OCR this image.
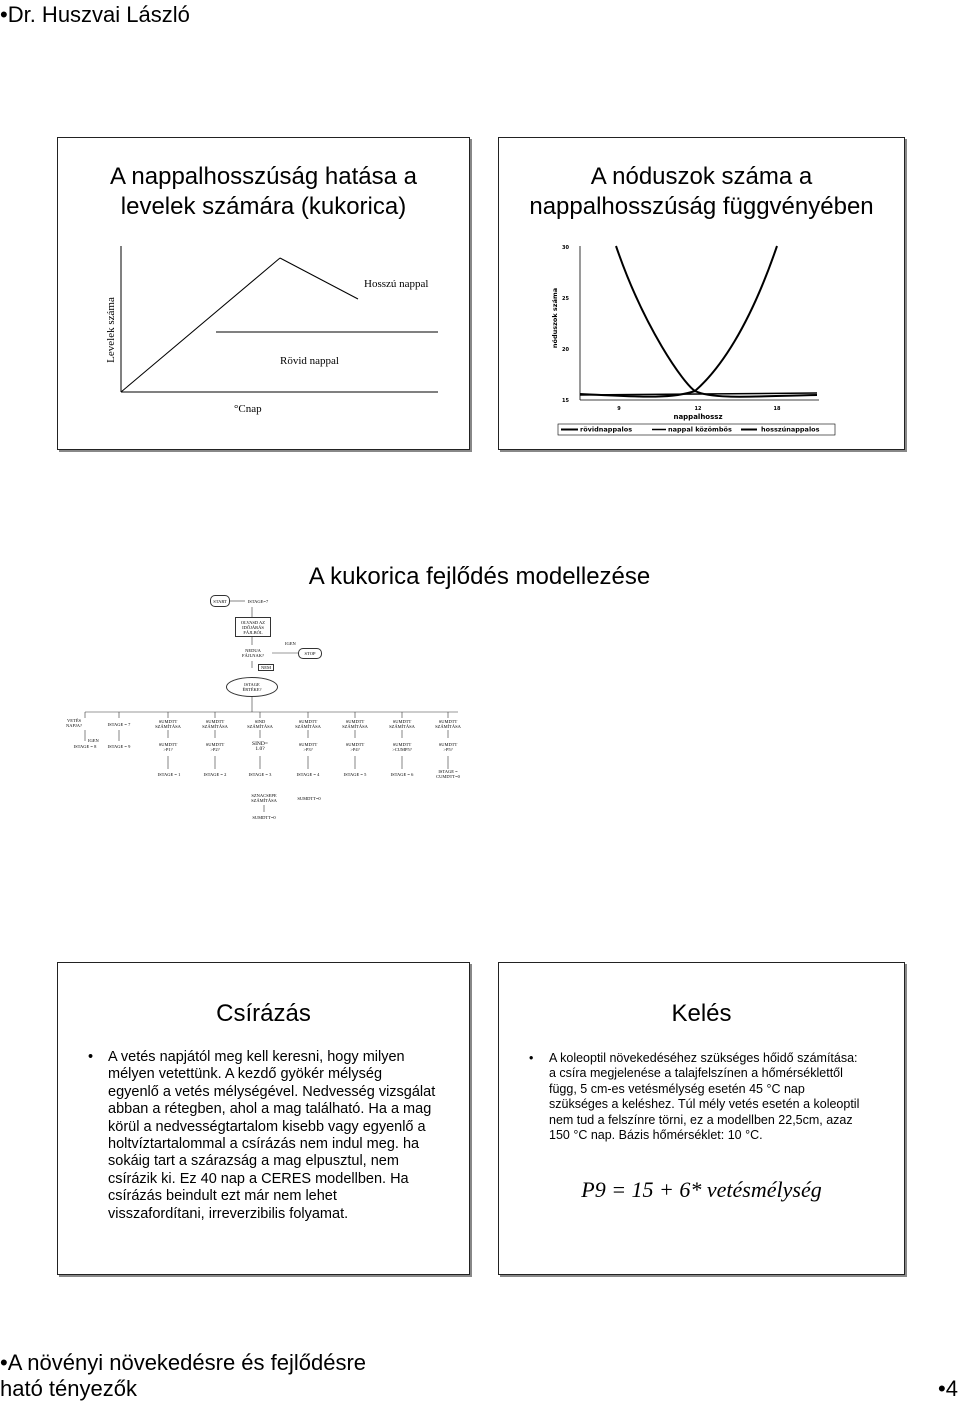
•Dr. Huszvai László
A nappalhosszúság hatása a
levelek számára (kukorica)
Levelek száma
Hosszú nappal
Rövid nappal
°Cnap
A nóduszok száma a
nappalhosszúság függvényében
30
25
20
15
9	12	18
nappalhossz
nóduszok száma
rövidnappalos	nappal közömbös	hosszúnappalos
A kukorica fejlődés modellezése
START	ISTAGE=7
OLVASD AZ
IDŐJÁRÁS
FÁJLBÓL
NEDUA
FÁJLNAK?
IGEN
STOP
NEM
ISTAGE
ÉRTÉKE?
VETÉS
NAPJA?	ISTAGE = 7
IGEN
ISTAGE = 8	ISTAGE = 9
SUMDTT
SZÁMÍTÁSA
SUMDTT
SZÁMÍTÁSA
SIND
SZÁMÍTÁSA
SUMDTT
SZÁMÍTÁSA
SUMDTT
SZÁMÍTÁSA
SUMDTT
SZÁMÍTÁSA
SUMDTT
SZÁMÍTÁSA
SUMDTT >P1?
SUMDTT >P2?
SIND= 1.0?
SUMDTT >P3?
SUMDTT >P4?
SUMDTT >CUMP5?
SUMDTT >P5?
ISTAGE = 1	ISTAGE = 2	ISTAGE = 3	ISTAGE = 4	ISTAGE = 5	ISTAGE = 6	ISTAGE =
CUMDTT=0
SZNACSEPE
SZÁMÍTÁSA	SUMDTT=0
SUMDTT=0
Csírázás
• A vetés napjától meg kell keresni, hogy milyen mélyen vetettünk. A kezdő gyökér mélység egyenlő a vetés mélységével. Nedvesség vizsgálat abban a rétegben, ahol a mag található. Ha a mag körül a nedvességtartalom kisebb vagy egyenlő a holtvíztartalommal a csírázás nem indul meg. ha sokáig tart a szárazság a mag elpusztul, nem csírázik ki. Ez 40 nap a CERES modellben. Ha csírázás beindult ezt már nem lehet visszafordítani, irreverzibilis folyamat.
Kelés
• A koleoptil növekedéséhez szükséges hőidő számítása: a csíra megjelenése a talajfelszínen a hőmérséklettől függ, 5 cm-es vetésmélység esetén 45 °C nap szükséges a keléshez. Túl mély vetés esetén a koleoptil nem tud a felszínre törni, ez a modellben 22,5cm, azaz 150 °C nap. Bázis hőmérséklet: 10 °C.
P9 = 15 + 6* vetésmélység
•A növényi növekedésre és fejlődésre
ható tényezők	•4
